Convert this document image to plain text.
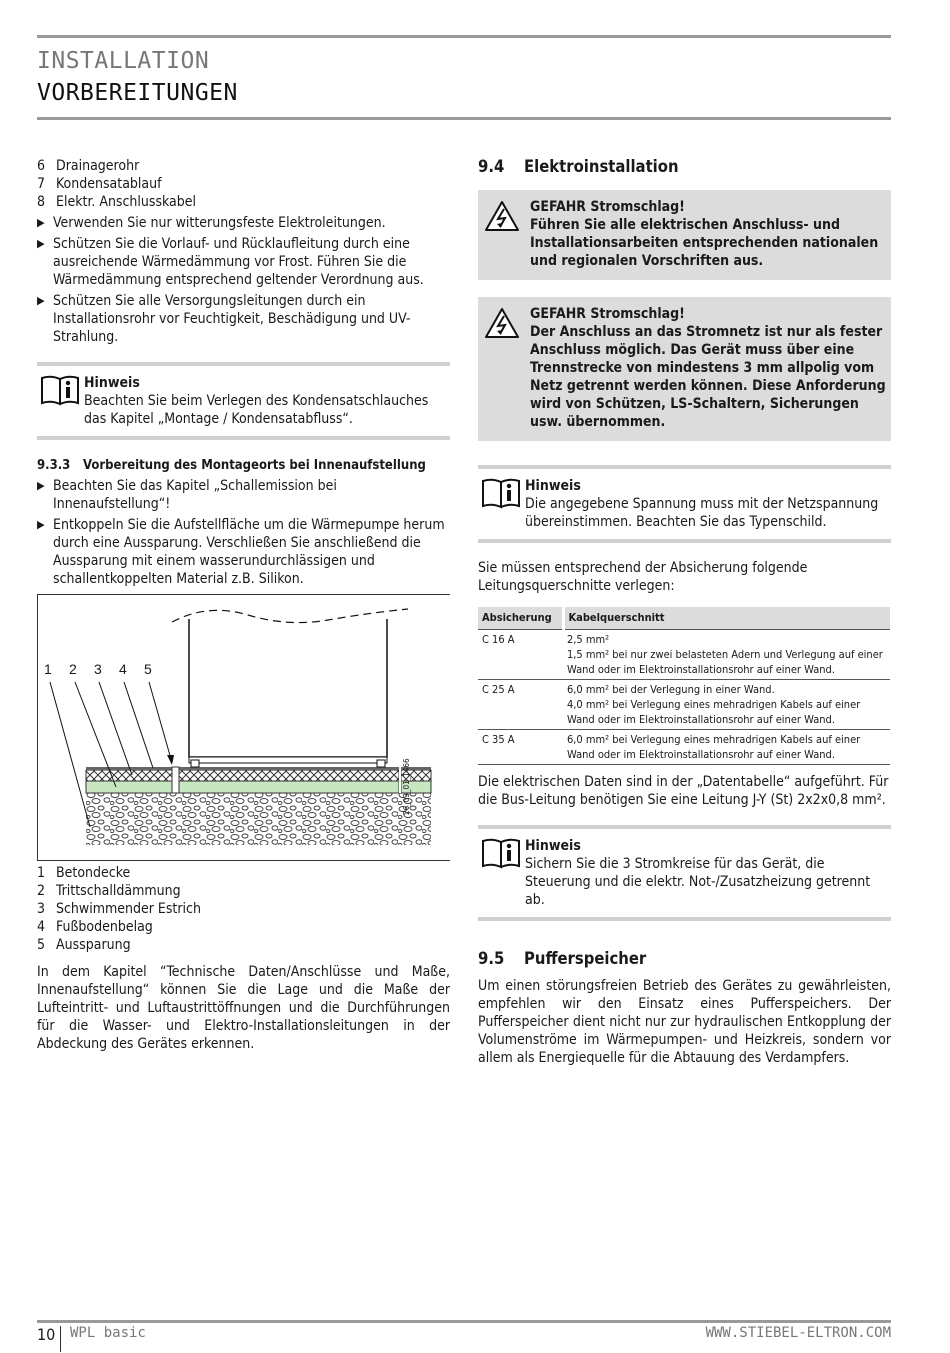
INSTALLATION
VORBEREITUNGEN
6 Drainagerohr
7 Kondensatablauf
8 Elektr. Anschlusskabel
▶ Verwenden Sie nur witterungsfeste Elektroleitungen.
▶ Schützen Sie die Vorlauf- und Rücklaufleitung durch eine ausreichende Wärmedämmung vor Frost. Führen Sie die Wärmedämmung entsprechend geltender Verordnung aus.
▶ Schützen Sie alle Versorgungsleitungen durch ein Installationsrohr vor Feuchtigkeit, Beschädigung und UV-Strahlung.
Hinweis
Beachten Sie beim Verlegen des Kondensatschlauches das Kapitel „Montage / Kondensatabfluss“.
9.3.3 Vorbereitung des Montageorts bei Innenaufstellung
▶ Beachten Sie das Kapitel „Schallemission bei Innenaufstellung“!
▶ Entkoppeln Sie die Aufstellfläche um die Wärmepumpe herum durch eine Aussparung. Verschließen Sie anschließend die Aussparung mit einem wasserundurchlässigen und schallentkoppelten Material z.B. Silikon.
1 2 3 4 5
26_03_01_1466
1 Betondecke
2 Trittschalldämmung
3 Schwimmender Estrich
4 Fußbodenbelag
5 Aussparung
In dem Kapitel “Technische Daten/Anschlüsse und Maße, Innenaufstellung“ können Sie die Lage und die Maße der Lufteintritt- und Luftaustrittöffnungen und die Durchführungen für die Wasser- und Elektro-Installationsleitungen in der Abdeckung des Gerätes erkennen.
9.4	Elektroinstallation
GEFAHR Stromschlag!
Führen Sie alle elektrischen Anschluss- und Installationsarbeiten entsprechenden nationalen und regionalen Vorschriften aus.
GEFAHR Stromschlag!
Der Anschluss an das Stromnetz ist nur als fester Anschluss möglich. Das Gerät muss über eine Trennstrecke von mindestens 3 mm allpolig vom Netz getrennt werden können. Diese Anforderung wird von Schützen, LS-Schaltern, Sicherungen usw. übernommen.
Hinweis
Die angegebene Spannung muss mit der Netzspannung übereinstimmen. Beachten Sie das Typenschild.
Sie müssen entsprechend der Absicherung folgende Leitungsquerschnitte verlegen:
Absicherung	Kabelquerschnitt
C 16 A	2,5 mm²
1,5 mm² bei nur zwei belasteten Adern und Verlegung auf einer Wand oder im Elektroinstallationsrohr auf einer Wand.

C 25 A	6,0 mm² bei der Verlegung in einer Wand.
4,0 mm² bei Verlegung eines mehradrigen Kabels auf einer Wand oder im Elektroinstallationsrohr auf einer Wand.

C 35 A	6,0 mm² bei Verlegung eines mehradrigen Kabels auf einer Wand oder im Elektroinstallationsrohr auf einer Wand.
Die elektrischen Daten sind in der „Datentabelle“ aufgeführt. Für die Bus-Leitung benötigen Sie eine Leitung J-Y (St) 2x2x0,8 mm².
Hinweis
Sichern Sie die 3 Stromkreise für das Gerät, die Steuerung und die elektr. Not-/Zusatzheizung getrennt ab.
9.5	Pufferspeicher
Um einen störungsfreien Betrieb des Gerätes zu gewährleisten, empfehlen wir den Einsatz eines Pufferspeichers. Der Pufferspeicher dient nicht nur zur hydraulischen Entkopplung der Volumenströme im Wärmepumpen- und Heizkreis, sondern vor allem als Energiequelle für die Abtauung des Verdampfers.
10 WPL basic	WWW.STIEBEL-ELTRON.COM
